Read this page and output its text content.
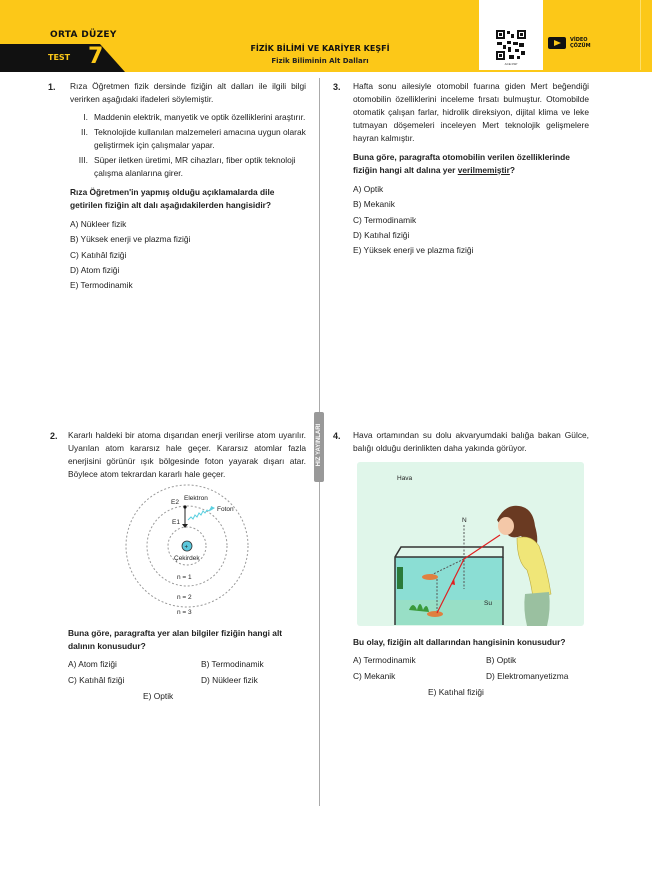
ORTA DÜZEY
TEST 7	FİZİK BİLİMİ VE KARİYER KEŞFİ
Fizik Biliminin Alt Dalları	ACE 0SP
VİDEO
ÇÖZÜM
HIZ YAYINLARI
1. Rıza Öğretmen fizik dersinde fiziğin alt dalları ile ilgili bilgi verirken aşağıdaki ifadeleri söylemiştir.
I. Maddenin elektrik, manyetik ve optik özelliklerini araştırır.
II. Teknolojide kullanılan malzemeleri amacına uygun olarak geliştirmek için çalışmalar yapar.
III. Süper iletken üretimi, MR cihazları, fiber optik teknoloji çalışma alanlarına girer.
Rıza Öğretmen'in yapmış olduğu açıklamalarda dile getirilen fiziğin alt dalı aşağıdakilerden hangisidir?
A) Nükleer fizik
B) Yüksek enerji ve plazma fiziği
C) Katıhâl fiziği
D) Atom fiziği
E) Termodinamik
3. Hafta sonu ailesiyle otomobil fuarına giden Mert beğendiği otomobilin özelliklerini inceleme fırsatı bulmuştur. Otomobilde otomatik çalışan farlar, hidrolik direksiyon, dijital klima ve leke tutmayan döşemeleri inceleyen Mert teknolojik gelişmelere hayran kalmıştır.
Buna göre, paragrafta otomobilin verilen özelliklerinde fiziğin hangi alt dalına yer verilmemiştir?
A) Optik
B) Mekanik
C) Termodinamik
D) Katıhal fiziği
E) Yüksek enerji ve plazma fiziği
2. Kararlı haldeki bir atoma dışarıdan enerji verilirse atom uyarılır. Uyarılan atom kararsız hale geçer. Kararsız atomlar fazla enerjisini görünür ışık bölgesinde foton yayarak dışarı atar. Böylece atom tekrardan kararlı hale geçer.
+
E2
Elektron
E1
Foton
Çekirdek
n = 1
n = 2
n = 3
Buna göre, paragrafta yer alan bilgiler fiziğin hangi alt dalının konusudur?
A) Atom fiziği	B) Termodinamik
C) Katıhâl fiziği	D) Nükleer fizik
E) Optik
4. Hava ortamından su dolu akvaryumdaki balığa bakan Gülce, balığı olduğu derinlikten daha yakında görüyor.
Hava
N
Su
Bu olay, fiziğin alt dallarından hangisinin konusudur?
A) Termodinamik	B) Optik
C) Mekanik	D) Elektromanyetizma
E) Katıhal fiziği
